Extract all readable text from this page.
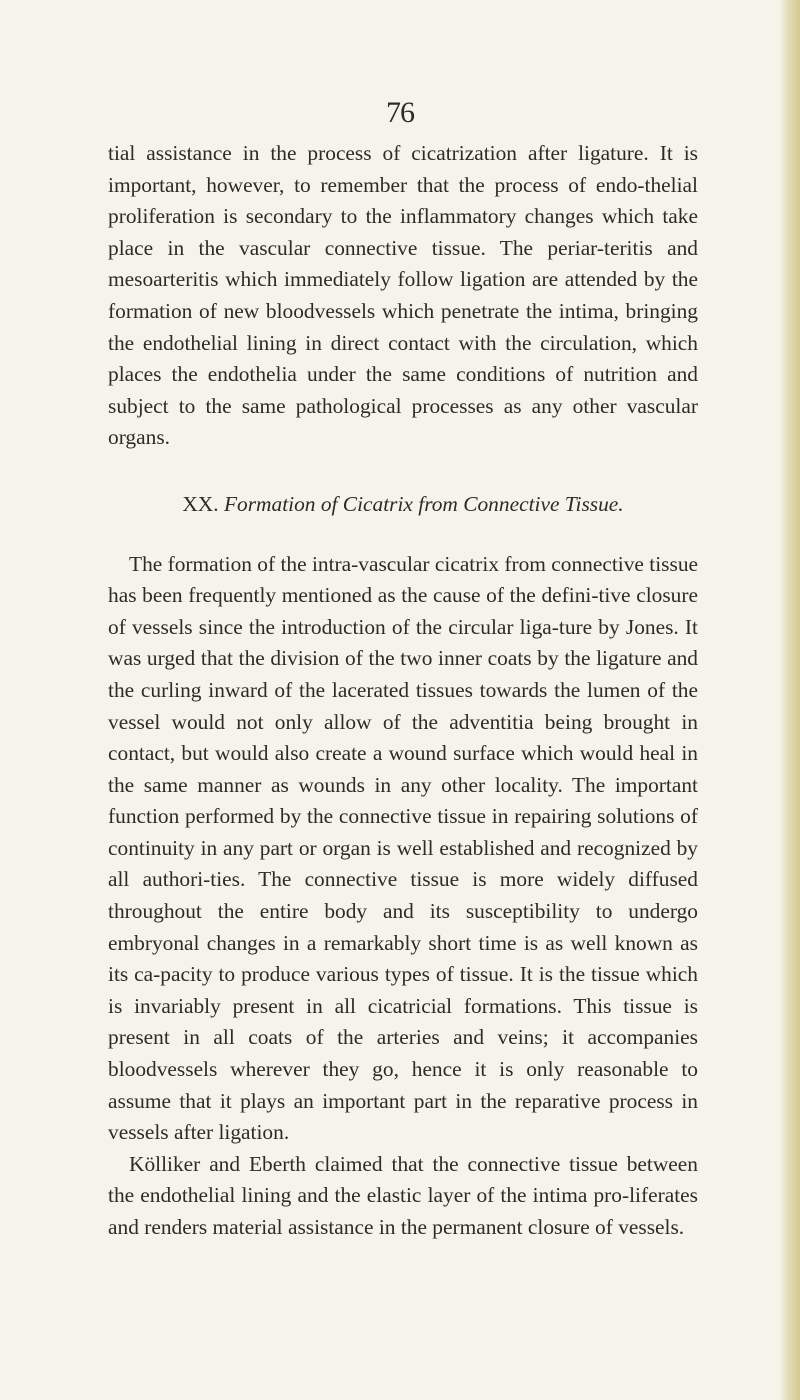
76

tial assistance in the process of cicatrization after ligature. It is important, however, to remember that the process of endo-thelial proliferation is secondary to the inflammatory changes which take place in the vascular connective tissue. The periar-teritis and mesoarteritis which immediately follow ligation are attended by the formation of new bloodvessels which penetrate the intima, bringing the endothelial lining in direct contact with the circulation, which places the endothelia under the same conditions of nutrition and subject to the same pathological processes as any other vascular organs.

XX. Formation of Cicatrix from Connective Tissue.

The formation of the intra-vascular cicatrix from connective tissue has been frequently mentioned as the cause of the defini-tive closure of vessels since the introduction of the circular liga-ture by Jones. It was urged that the division of the two inner coats by the ligature and the curling inward of the lacerated tissues towards the lumen of the vessel would not only allow of the adventitia being brought in contact, but would also create a wound surface which would heal in the same manner as wounds in any other locality. The important function performed by the connective tissue in repairing solutions of continuity in any part or organ is well established and recognized by all authori-ties. The connective tissue is more widely diffused throughout the entire body and its susceptibility to undergo embryonal changes in a remarkably short time is as well known as its ca-pacity to produce various types of tissue. It is the tissue which is invariably present in all cicatricial formations. This tissue is present in all coats of the arteries and veins; it accompanies bloodvessels wherever they go, hence it is only reasonable to assume that it plays an important part in the reparative process in vessels after ligation.

Kölliker and Eberth claimed that the connective tissue between the endothelial lining and the elastic layer of the intima pro-liferates and renders material assistance in the permanent closure of vessels.
